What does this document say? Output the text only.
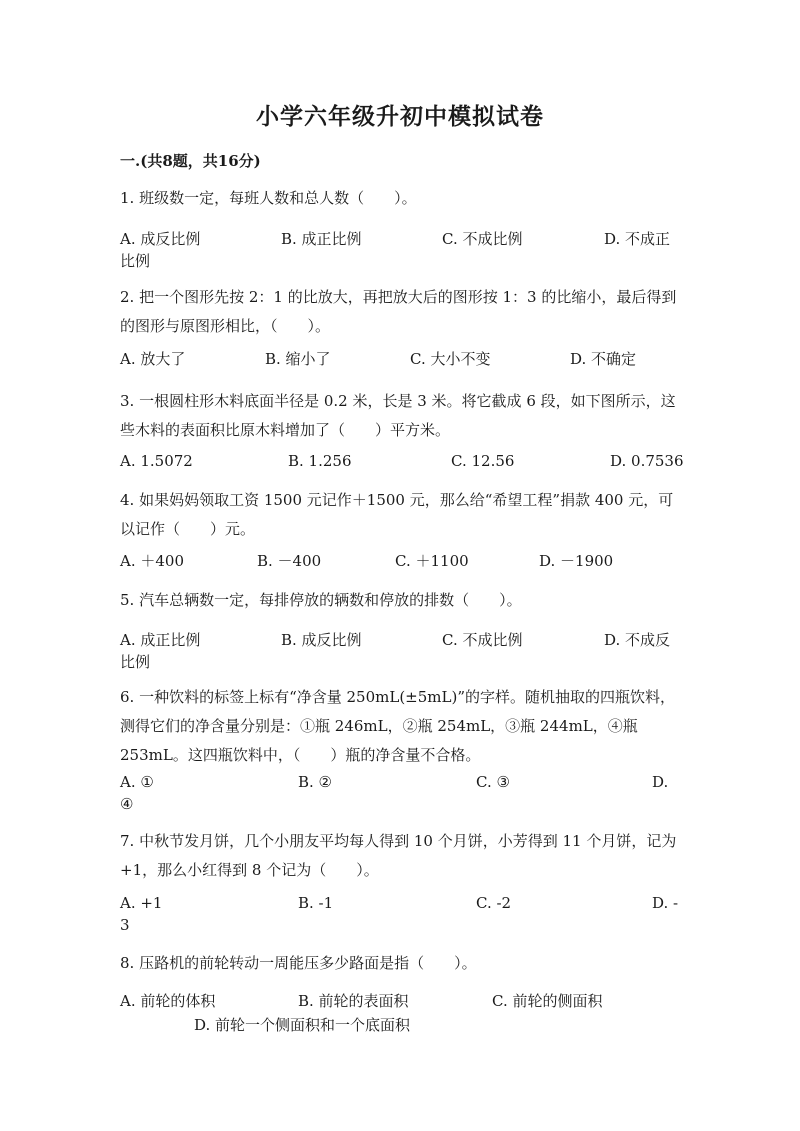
小学六年级升初中模拟试卷
一.(共8题，共16分)
1. 班级数一定，每班人数和总人数（　　）。
A. 成反比例	B. 成正比例	C. 不成比例	D. 不成正
比例
2. 把一个图形先按 2：1 的比放大，再把放大后的图形按 1：3 的比缩小，最后得到的图形与原图形相比，（　　）。
A. 放大了	B. 缩小了	C. 大小不变	D. 不确定
3. 一根圆柱形木料底面半径是 0.2 米，长是 3 米。将它截成 6 段，如下图所示，这些木料的表面积比原木料增加了（　　）平方米。
A. 1.5072	B. 1.256	C. 12.56	D. 0.7536
4. 如果妈妈领取工资 1500 元记作＋1500 元，那么给“希望工程”捐款 400 元，可以记作（　　）元。
A. ＋400	B. －400	C. ＋1100	D. －1900
5. 汽车总辆数一定，每排停放的辆数和停放的排数（　　）。
A. 成正比例	B. 成反比例	C. 不成比例	D. 不成反
比例
6. 一种饮料的标签上标有“净含量 250mL(±5mL)”的字样。随机抽取的四瓶饮料，测得它们的净含量分别是：①瓶 246mL，②瓶 254mL，③瓶 244mL，④瓶 253mL。这四瓶饮料中，（　　）瓶的净含量不合格。
A. ①	B. ②	C. ③	D.
④
7. 中秋节发月饼，几个小朋友平均每人得到 10 个月饼，小芳得到 11 个月饼，记为+1，那么小红得到 8 个记为（　　）。
A. +1	B. -1	C. -2	D. -
3
8. 压路机的前轮转动一周能压多少路面是指（　　）。
A. 前轮的体积	B. 前轮的表面积	C. 前轮的侧面积
D. 前轮一个侧面积和一个底面积
